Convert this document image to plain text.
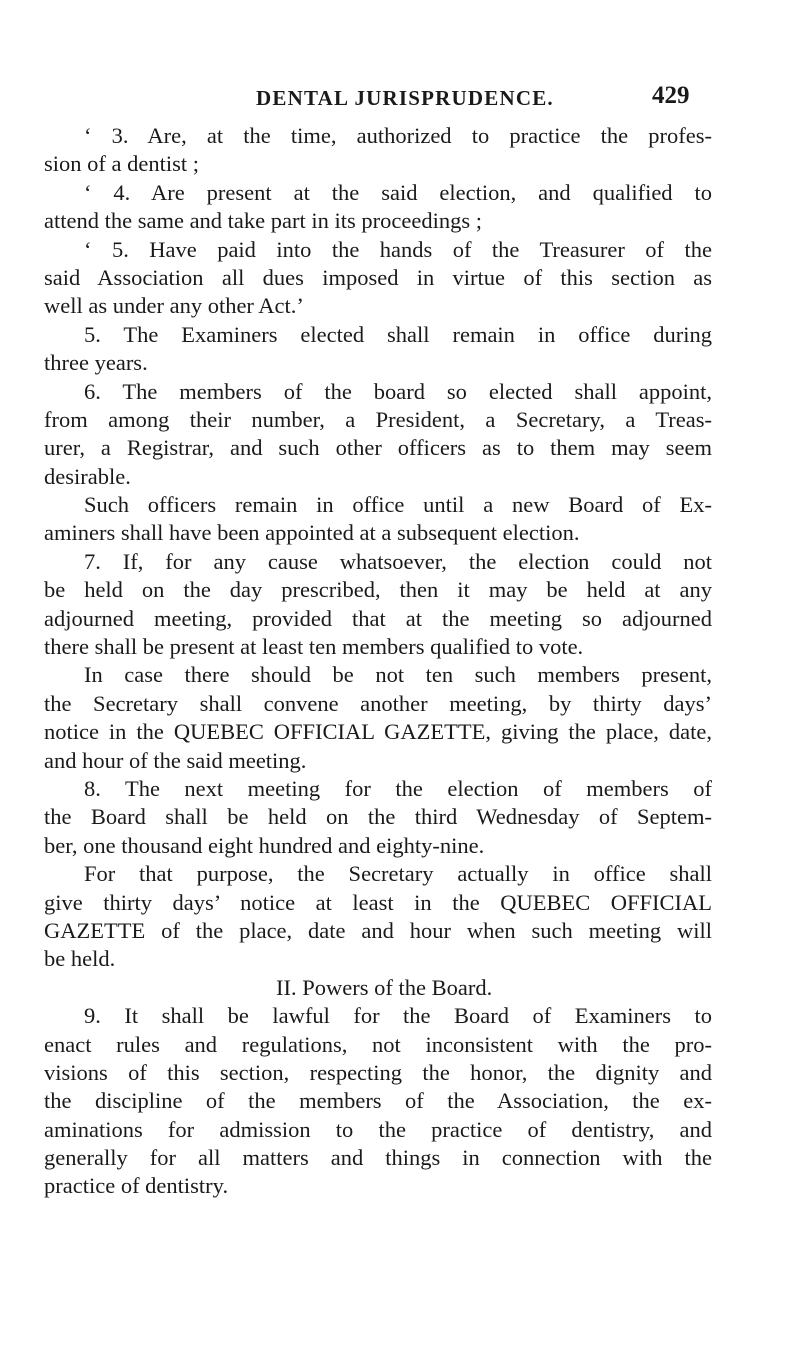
DENTAL JURISPRUDENCE.	429
‘ 3. Are, at the time, authorized to practice the profes-
sion of a dentist ;
‘ 4. Are present at the said election, and qualified to
attend the same and take part in its proceedings ;
‘ 5. Have paid into the hands of the Treasurer of the
said Association all dues imposed in virtue of this section as
well as under any other Act.’
5. The Examiners elected shall remain in office during
three years.
6. The members of the board so elected shall appoint,
from among their number, a President, a Secretary, a Treas-
urer, a Registrar, and such other officers as to them may seem
desirable.
Such officers remain in office until a new Board of Ex-
aminers shall have been appointed at a subsequent election.
7. If, for any cause whatsoever, the election could not
be held on the day prescribed, then it may be held at any
adjourned meeting, provided that at the meeting so adjourned
there shall be present at least ten members qualified to vote.
In case there should be not ten such members present,
the Secretary shall convene another meeting, by thirty days’
notice in the QUEBEC OFFICIAL GAZETTE, giving the place, date,
and hour of the said meeting.
8. The next meeting for the election of members of
the Board shall be held on the third Wednesday of Septem-
ber, one thousand eight hundred and eighty-nine.
For that purpose, the Secretary actually in office shall
give thirty days’ notice at least in the QUEBEC OFFICIAL
GAZETTE of the place, date and hour when such meeting will
be held.
II. Powers of the Board.
9. It shall be lawful for the Board of Examiners to
enact rules and regulations, not inconsistent with the pro-
visions of this section, respecting the honor, the dignity and
the discipline of the members of the Association, the ex-
aminations for admission to the practice of dentistry, and
generally for all matters and things in connection with the
practice of dentistry.
